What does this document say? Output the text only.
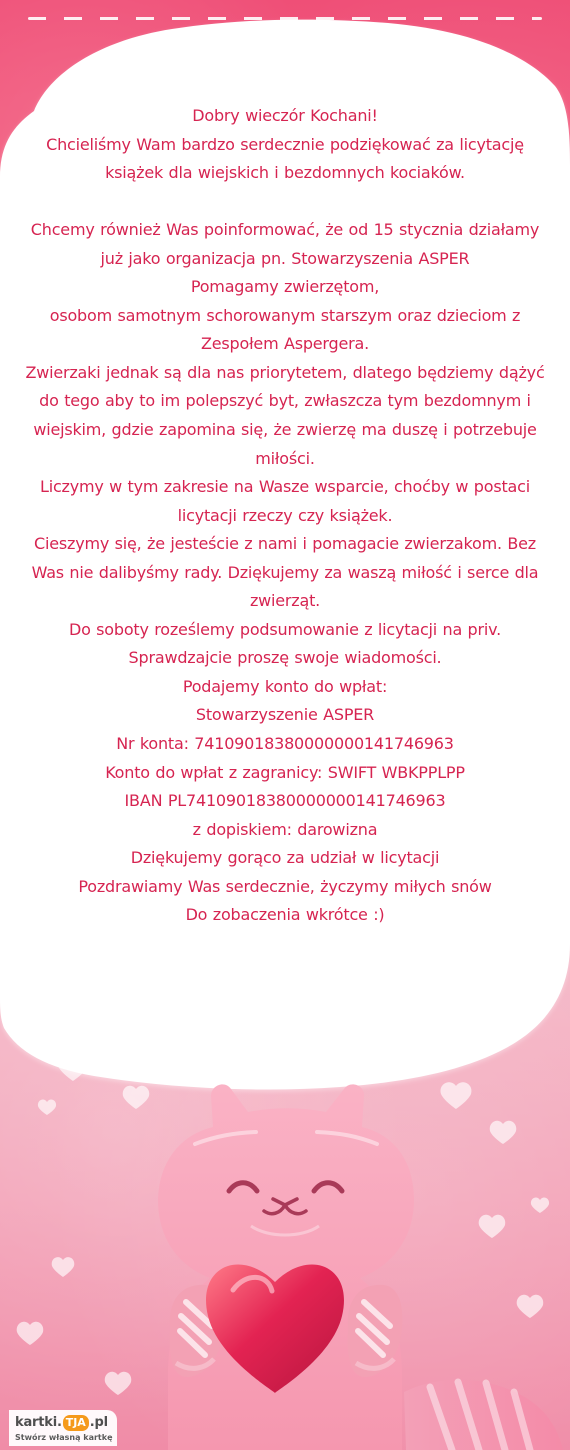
Dobry wieczór Kochani!
Chcieliśmy Wam bardzo serdecznie podziękować za licytację książek dla wiejskich i bezdomnych kociaków.

Chcemy również Was poinformować, że od 15 stycznia działamy już jako organizacja pn. Stowarzyszenia ASPER
Pomagamy zwierzętom,
osobom samotnym schorowanym starszym oraz dzieciom z Zespołem Aspergera.
Zwierzaki jednak są dla nas priorytetem, dlatego będziemy dążyć do tego aby to im polepszyć byt, zwłaszcza tym bezdomnym i wiejskim, gdzie zapomina się, że zwierzę ma duszę i potrzebuje miłości.
Liczymy w tym zakresie na Wasze wsparcie, choćby w postaci licytacji rzeczy czy książek.
Cieszymy się, że jesteście z nami i pomagacie zwierzakom. Bez Was nie dalibyśmy rady. Dziękujemy za waszą miłość i serce dla zwierząt.
Do soboty roześlemy podsumowanie z licytacji na priv.
Sprawdzajcie proszę swoje wiadomości.
Podajemy konto do wpłat:
Stowarzyszenie ASPER
Nr konta: 74109018380000000141746963
Konto do wpłat z zagranicy: SWIFT WBKPPLPP
IBAN PL74109018380000000141746963
z dopiskiem: darowizna
Dziękujemy gorąco za udział w licytacji
Pozdrawiamy Was serdecznie, życzymy miłych snów
Do zobaczenia wkrótce :)

kartki. TJA .pl
Stwórz własną kartkę
